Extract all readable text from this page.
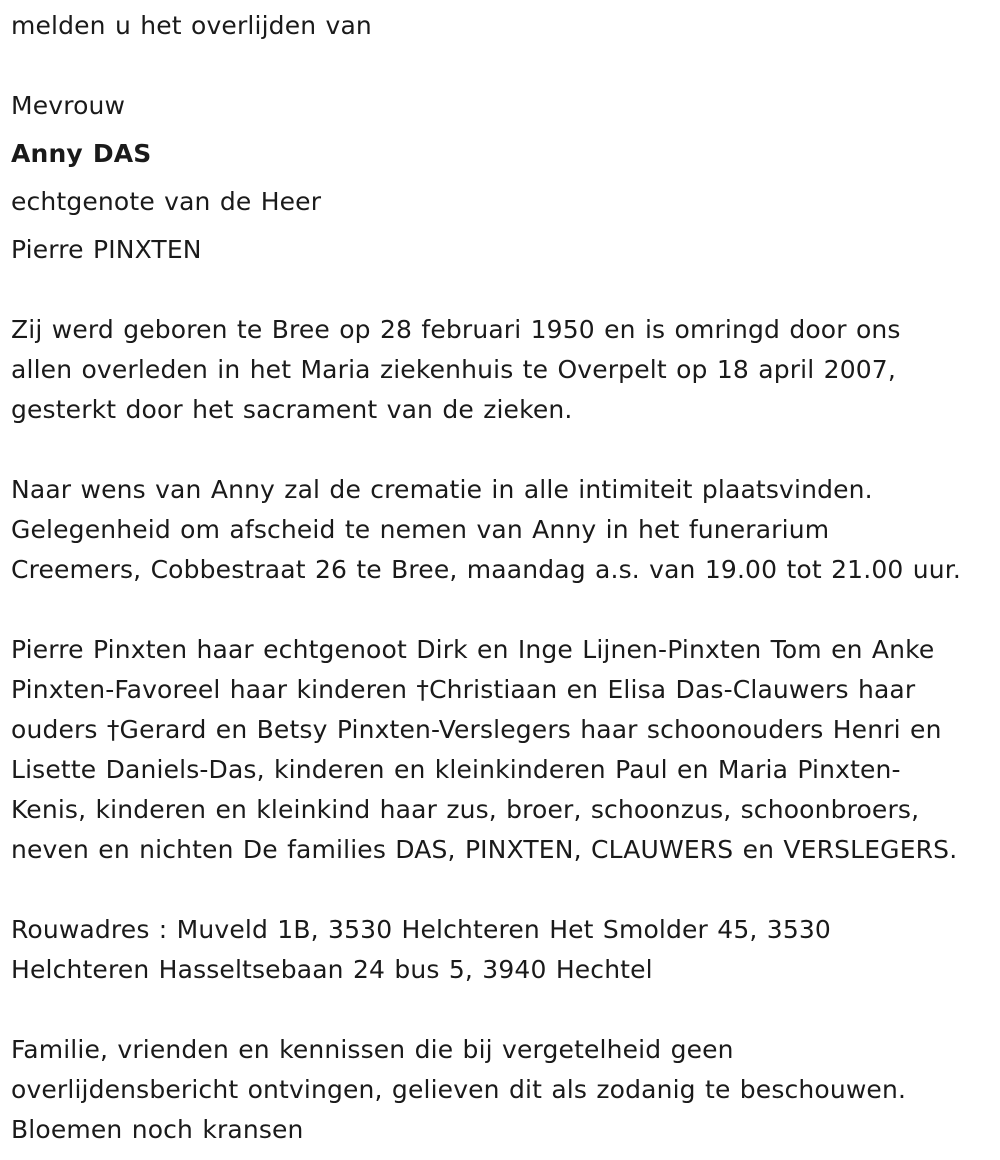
melden u het overlijden van
Mevrouw
Anny DAS
echtgenote van de Heer
Pierre PINXTEN
Zij werd geboren te Bree op 28 februari 1950 en is omringd door ons
allen overleden in het Maria ziekenhuis te Overpelt op 18 april 2007,
gesterkt door het sacrament van de zieken.
Naar wens van Anny zal de crematie in alle intimiteit plaatsvinden.
Gelegenheid om afscheid te nemen van Anny in het funerarium
Creemers, Cobbestraat 26 te Bree, maandag a.s. van 19.00 tot 21.00 uur.
Pierre Pinxten haar echtgenoot Dirk en Inge Lijnen-Pinxten Tom en Anke
Pinxten-Favoreel haar kinderen †Christiaan en Elisa Das-Clauwers haar
ouders †Gerard en Betsy Pinxten-Verslegers haar schoonouders Henri en
Lisette Daniels-Das, kinderen en kleinkinderen Paul en Maria Pinxten-
Kenis, kinderen en kleinkind haar zus, broer, schoonzus, schoonbroers,
neven en nichten De families DAS, PINXTEN, CLAUWERS en VERSLEGERS.
Rouwadres : Muveld 1B, 3530 Helchteren Het Smolder 45, 3530
Helchteren Hasseltsebaan 24 bus 5, 3940 Hechtel
Familie, vrienden en kennissen die bij vergetelheid geen
overlijdensbericht ontvingen, gelieven dit als zodanig te beschouwen.
Bloemen noch kransen
